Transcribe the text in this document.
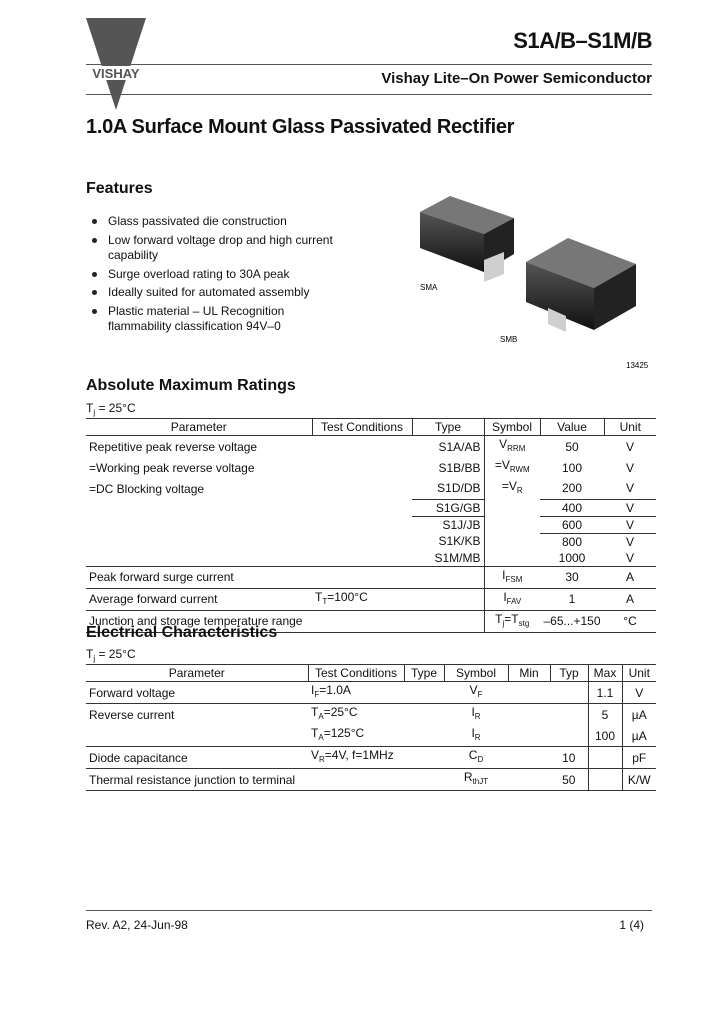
VISHAY
S1A/B–S1M/B
Vishay Lite–On Power Semiconductor
1.0A Surface Mount Glass Passivated Rectifier
Features
Glass passivated die construction
Low forward voltage drop and high current capability
Surge overload rating to 30A peak
Ideally suited for automated assembly
Plastic material – UL Recognition flammability classification 94V–0
SMA
SMB
13425
Absolute Maximum Ratings
$T_j = 25^\circ C$
Parameter	Test Conditions	Type	Symbol	Value	Unit
Repetitive peak reverse voltage		S1A/AB	$V_{RRM}$	50	V
=Working peak reverse voltage		S1B/BB	$=V_{RWM}$	100	V
=DC Blocking voltage		S1D/DB	$=V_R$	200	V
		S1G/GB		400	V
		S1J/JB		600	V
		S1K/KB		800	V
		S1M/MB		1000	V
Peak forward surge current			$I_{FSM}$	30	A
Average forward current	$T_T=100^\circ C$		$I_{FAV}$	1	A
Junction and storage temperature range			$T_j=T_{stg}$	–65...+150	°C
Electrical Characteristics
$T_j = 25^\circ C$
Parameter	Test Conditions	Type	Symbol	Min	Typ	Max	Unit
Forward voltage	$I_F=1.0A$		$V_F$			1.1	V
Reverse current	$T_A=25^\circ C$		$I_R$			5	µA
	$T_A=125^\circ C$		$I_R$			100	µA
Diode capacitance	$V_R=4V$, f=1MHz		$C_D$		10		pF
Thermal resistance junction to terminal			$R_{thJT}$		50		K/W
Rev. A2, 24-Jun-98	1 (4)
